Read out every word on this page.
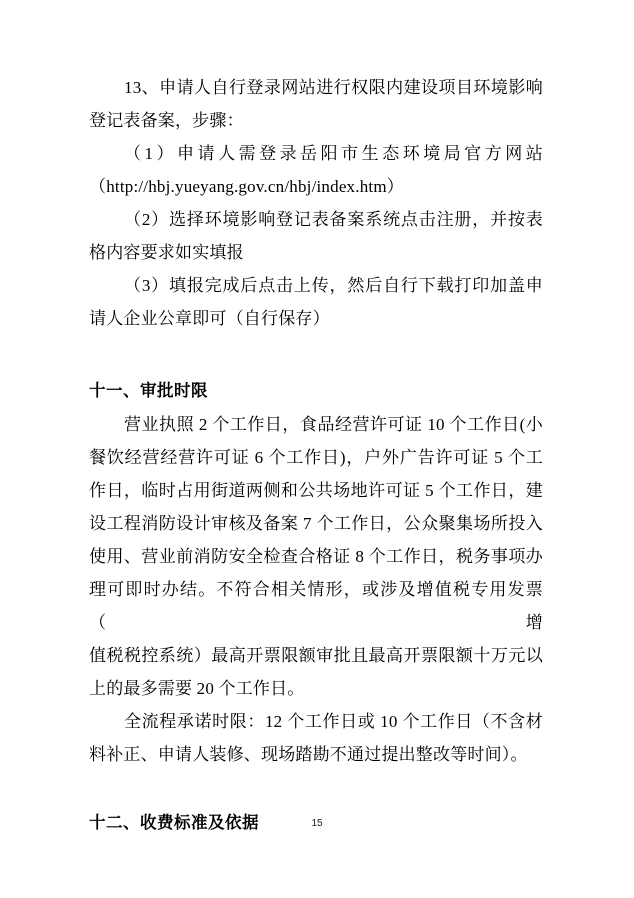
13、申请人自行登录网站进行权限内建设项目环境影响
登记表备案，步骤：

（1）申请人需登录岳阳市生态环境局官方网站
（http://hbj.yueyang.gov.cn/hbj/index.htm）

（2）选择环境影响登记表备案系统点击注册，并按表
格内容要求如实填报

（3）填报完成后点击上传，然后自行下载打印加盖申
请人企业公章即可（自行保存）

十一、审批时限

营业执照 2 个工作日，食品经营许可证 10 个工作日(小
餐饮经营经营许可证 6 个工作日)，户外广告许可证 5 个工
作日，临时占用街道两侧和公共场地许可证 5 个工作日，建
设工程消防设计审核及备案 7 个工作日，公众聚集场所投入
使用、营业前消防安全检查合格证 8 个工作日，税务事项办
理可即时办结。不符合相关情形，或涉及增值税专用发票（增
值税税控系统）最高开票限额审批且最高开票限额十万元以
上的最多需要 20 个工作日。

全流程承诺时限：12 个工作日或 10 个工作日（不含材
料补正、申请人装修、现场踏勘不通过提出整改等时间）。

十二、收费标准及依据	15
